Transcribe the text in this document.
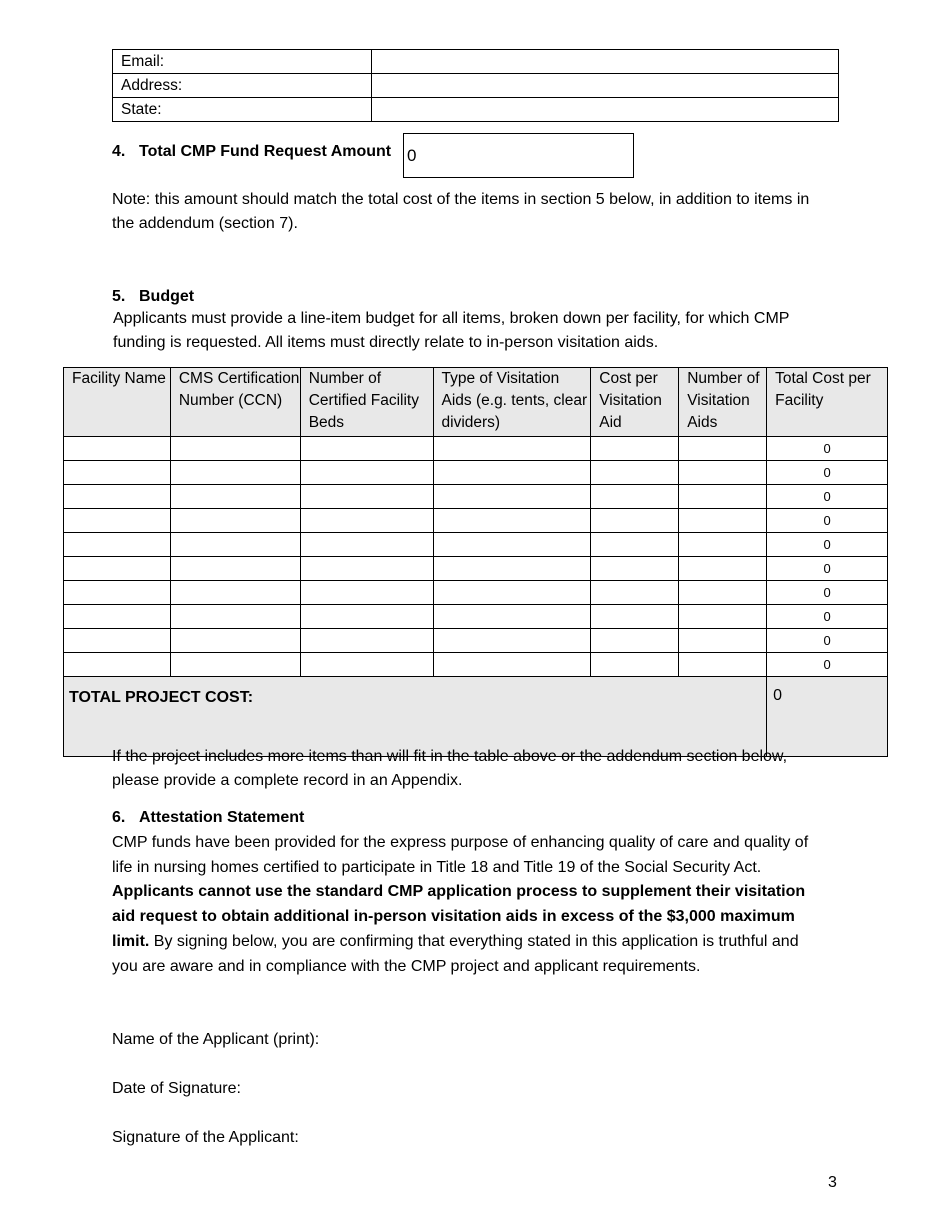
Email:	
Address:	
State:	
4. Total CMP Fund Request Amount 0
Note: this amount should match the total cost of the items in section 5 below, in addition to items in the addendum (section 7).
5. Budget
Applicants must provide a line-item budget for all items, broken down per facility, for which CMP funding is requested. All items must directly relate to in-person visitation aids.
Facility Name	CMS Certification Number (CCN)	Number of Certified Facility Beds	Type of Visitation Aids (e.g. tents, clear dividers)	Cost per Visitation Aid	Number of Visitation Aids	Total Cost per Facility
						0
						0
						0
						0
						0
						0
						0
						0
						0
						0
TOTAL PROJECT COST:						0
If the project includes more items than will fit in the table above or the addendum section below, please provide a complete record in an Appendix.
6. Attestation Statement
CMP funds have been provided for the express purpose of enhancing quality of care and quality of life in nursing homes certified to participate in Title 18 and Title 19 of the Social Security Act. Applicants cannot use the standard CMP application process to supplement their visitation aid request to obtain additional in-person visitation aids in excess of the $3,000 maximum limit. By signing below, you are confirming that everything stated in this application is truthful and you are aware and in compliance with the CMP project and applicant requirements.
Name of the Applicant (print):
Date of Signature:
Signature of the Applicant:
3
